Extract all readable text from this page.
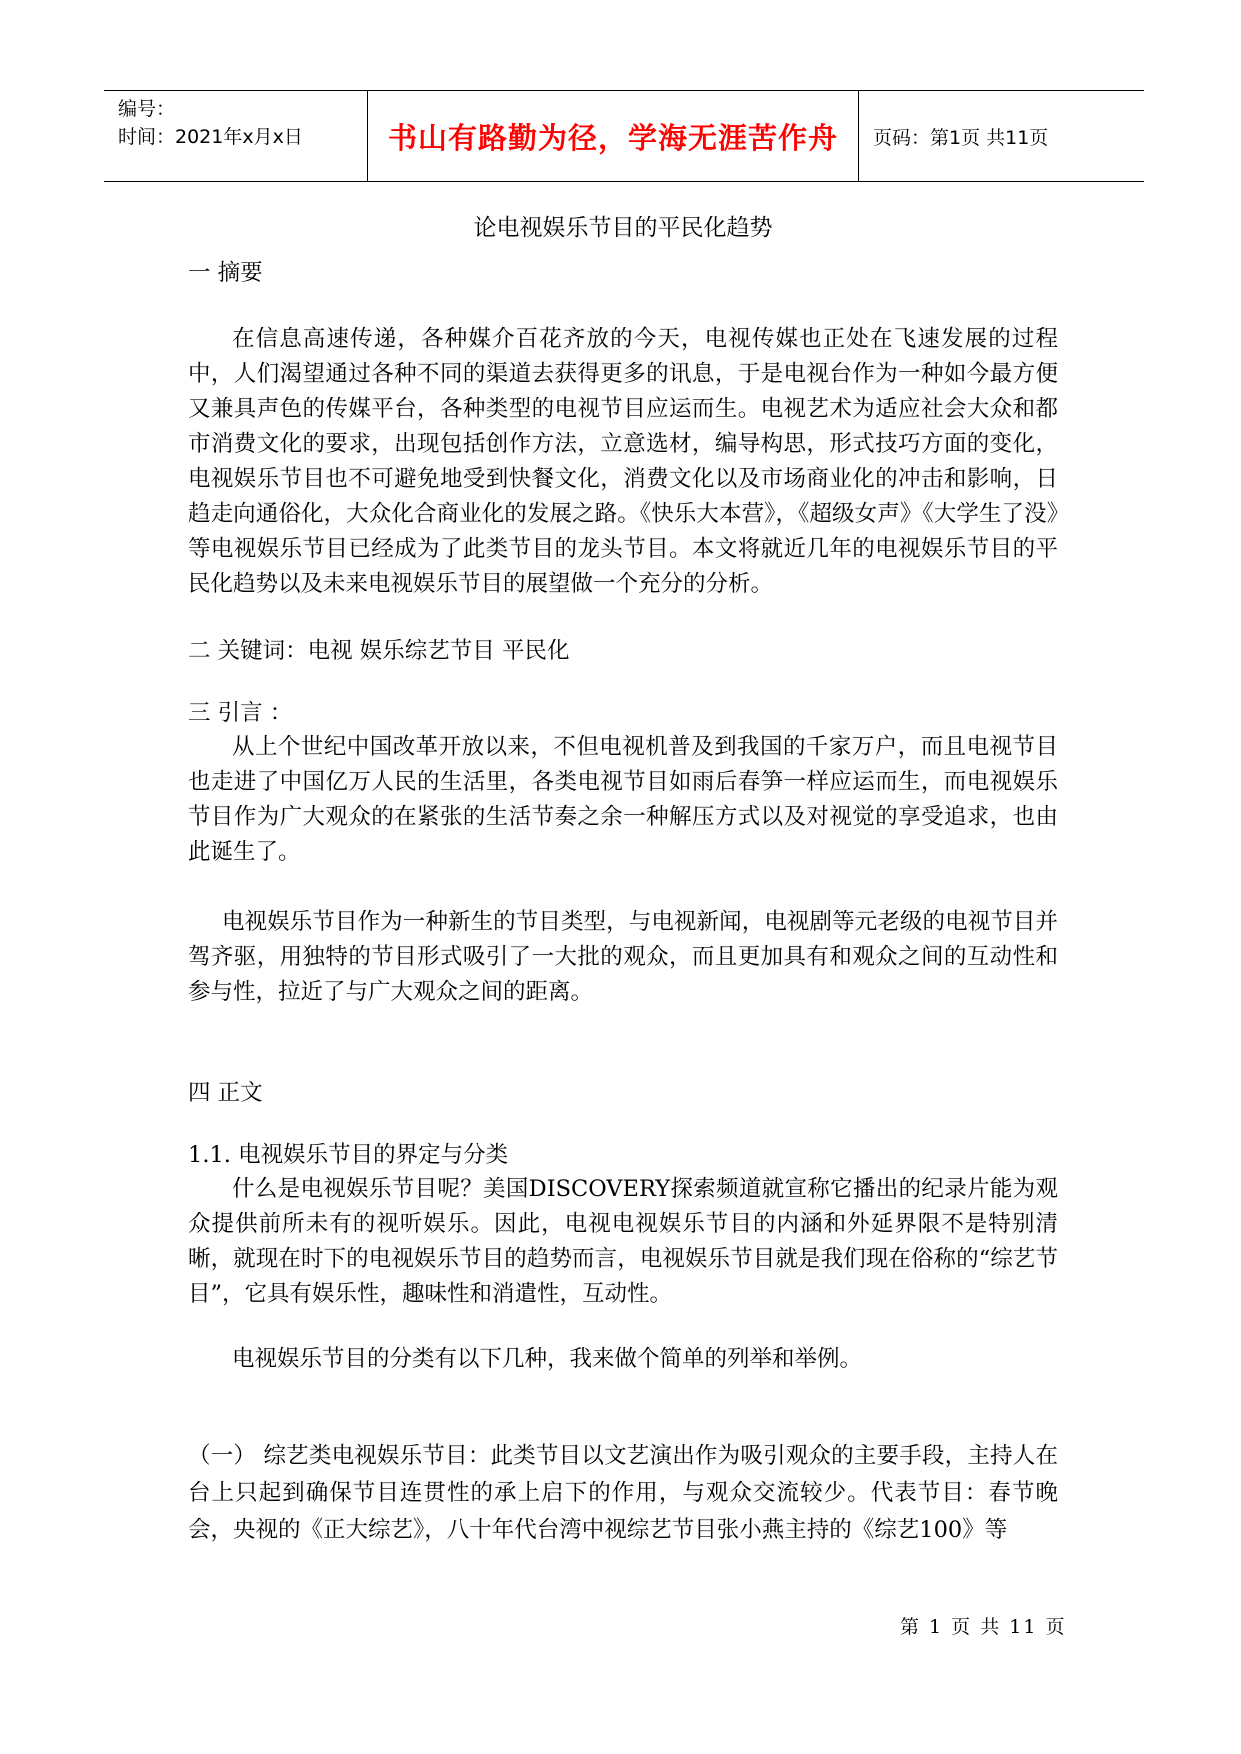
编号：
时间：2021年x月x日	书山有路勤为径，学海无涯苦作舟	页码：第1页 共11页
论电视娱乐节目的平民化趋势
一 摘要

在信息高速传递，各种媒介百花齐放的今天，电视传媒也正处在飞速发展的过程中，人们渴望通过各种不同的渠道去获得更多的讯息，于是电视台作为一种如今最方便又兼具声色的传媒平台，各种类型的电视节目应运而生。电视艺术为适应社会大众和都市消费文化的要求，出现包括创作方法，立意选材，编导构思，形式技巧方面的变化，电视娱乐节目也不可避免地受到快餐文化，消费文化以及市场商业化的冲击和影响，日趋走向通俗化，大众化合商业化的发展之路。《快乐大本营》，《超级女声》《大学生了没》等电视娱乐节目已经成为了此类节目的龙头节目。本文将就近几年的电视娱乐节目的平民化趋势以及未来电视娱乐节目的展望做一个充分的分析。

二 关键词：电视 娱乐综艺节目 平民化
三 引言 ：

从上个世纪中国改革开放以来，不但电视机普及到我国的千家万户，而且电视节目也走进了中国亿万人民的生活里，各类电视节目如雨后春笋一样应运而生，而电视娱乐节目作为广大观众的在紧张的生活节奏之余一种解压方式以及对视觉的享受追求，也由此诞生了。

电视娱乐节目作为一种新生的节目类型，与电视新闻，电视剧等元老级的电视节目并驾齐驱，用独特的节目形式吸引了一大批的观众，而且更加具有和观众之间的互动性和参与性，拉近了与广大观众之间的距离。

四 正文
1.1. 电视娱乐节目的界定与分类

什么是电视娱乐节目呢？美国DISCOVERY探索频道就宣称它播出的纪录片能为观众提供前所未有的视听娱乐。因此，电视电视娱乐节目的内涵和外延界限不是特别清晰，就现在时下的电视娱乐节目的趋势而言，电视娱乐节目就是我们现在俗称的“综艺节目”，它具有娱乐性，趣味性和消遣性，互动性。

电视娱乐节目的分类有以下几种，我来做个简单的列举和举例。

（一） 综艺类电视娱乐节目：此类节目以文艺演出作为吸引观众的主要手段，主持人在台上只起到确保节目连贯性的承上启下的作用，与观众交流较少。代表节目：春节晚会，央视的《正大综艺》，八十年代台湾中视综艺节目张小燕主持的《综艺100》等

第 1 页 共 11 页
